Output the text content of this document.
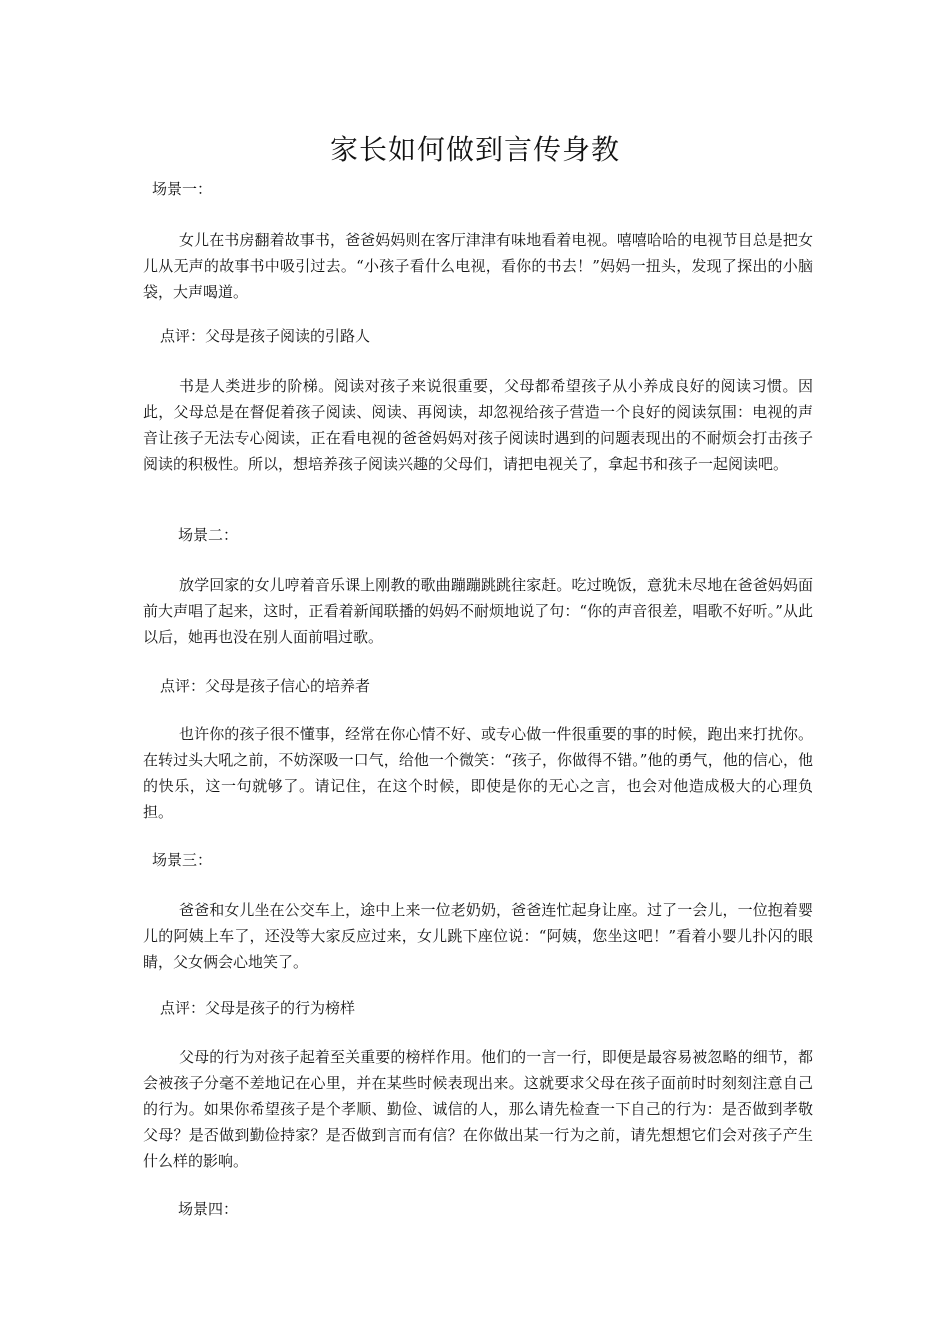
家长如何做到言传身教
场景一：
女儿在书房翻着故事书，爸爸妈妈则在客厅津津有味地看着电视。嘻嘻哈哈的电视节目总是把女儿从无声的故事书中吸引过去。“小孩子看什么电视，看你的书去！”妈妈一扭头，发现了探出的小脑袋，大声喝道。
点评：父母是孩子阅读的引路人
书是人类进步的阶梯。阅读对孩子来说很重要，父母都希望孩子从小养成良好的阅读习惯。因此，父母总是在督促着孩子阅读、阅读、再阅读，却忽视给孩子营造一个良好的阅读氛围：电视的声音让孩子无法专心阅读，正在看电视的爸爸妈妈对孩子阅读时遇到的问题表现出的不耐烦会打击孩子阅读的积极性。所以，想培养孩子阅读兴趣的父母们，请把电视关了，拿起书和孩子一起阅读吧。
场景二：
放学回家的女儿哼着音乐课上刚教的歌曲蹦蹦跳跳往家赶。吃过晚饭，意犹未尽地在爸爸妈妈面前大声唱了起来，这时，正看着新闻联播的妈妈不耐烦地说了句：“你的声音很差，唱歌不好听。”从此以后，她再也没在别人面前唱过歌。
点评：父母是孩子信心的培养者
也许你的孩子很不懂事，经常在你心情不好、或专心做一件很重要的事的时候，跑出来打扰你。在转过头大吼之前，不妨深吸一口气，给他一个微笑：“孩子，你做得不错。”他的勇气，他的信心，他的快乐，这一句就够了。请记住，在这个时候，即使是你的无心之言，也会对他造成极大的心理负担。
场景三：
爸爸和女儿坐在公交车上，途中上来一位老奶奶，爸爸连忙起身让座。过了一会儿，一位抱着婴儿的阿姨上车了，还没等大家反应过来，女儿跳下座位说：“阿姨，您坐这吧！”看着小婴儿扑闪的眼睛，父女俩会心地笑了。
点评：父母是孩子的行为榜样
父母的行为对孩子起着至关重要的榜样作用。他们的一言一行，即便是最容易被忽略的细节，都会被孩子分毫不差地记在心里，并在某些时候表现出来。这就要求父母在孩子面前时时刻刻注意自己的行为。如果你希望孩子是个孝顺、勤俭、诚信的人，那么请先检查一下自己的行为：是否做到孝敬父母？是否做到勤俭持家？是否做到言而有信？在你做出某一行为之前，请先想想它们会对孩子产生什么样的影响。
场景四：
